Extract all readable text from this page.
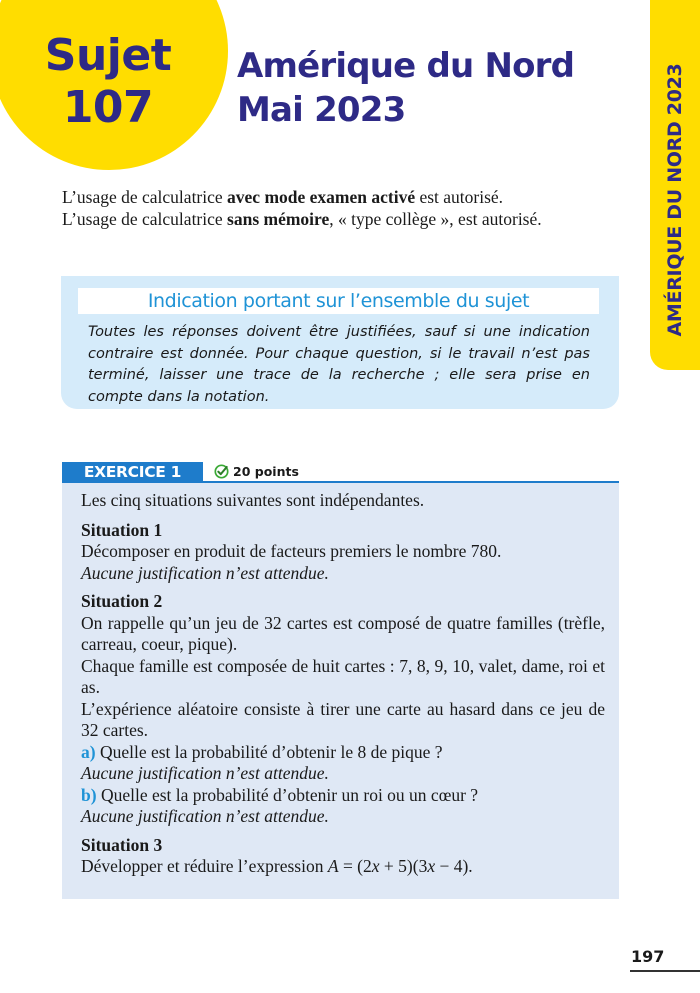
Sujet
107
Amérique du Nord
Mai 2023	AMÉRIQUE DU NORD 2023
L’usage de calculatrice avec mode examen activé est autorisé.
L’usage de calculatrice sans mémoire, « type collège », est autorisé.
Indication portant sur l’ensemble du sujet
Toutes les réponses doivent être justifiées, sauf si une indication contraire est donnée. Pour chaque question, si le travail n’est pas terminé, laisser une trace de la recherche ; elle sera prise en compte dans la notation.
EXERCICE 1	20 points

Les cinq situations suivantes sont indépendantes.

Situation 1

Décomposer en produit de facteurs premiers le nombre 780.

Aucune justification n’est attendue.

Situation 2

On rappelle qu’un jeu de 32 cartes est composé de quatre familles (trèfle, carreau, coeur, pique).

Chaque famille est composée de huit cartes : 7, 8, 9, 10, valet, dame, roi et as.

L’expérience aléatoire consiste à tirer une carte au hasard dans ce jeu de 32 cartes.

a) Quelle est la probabilité d’obtenir le 8 de pique ?

Aucune justification n’est attendue.

b) Quelle est la probabilité d’obtenir un roi ou un cœur ?

Aucune justification n’est attendue.

Situation 3

Développer et réduire l’expression A = (2x + 5)(3x − 4).

197
